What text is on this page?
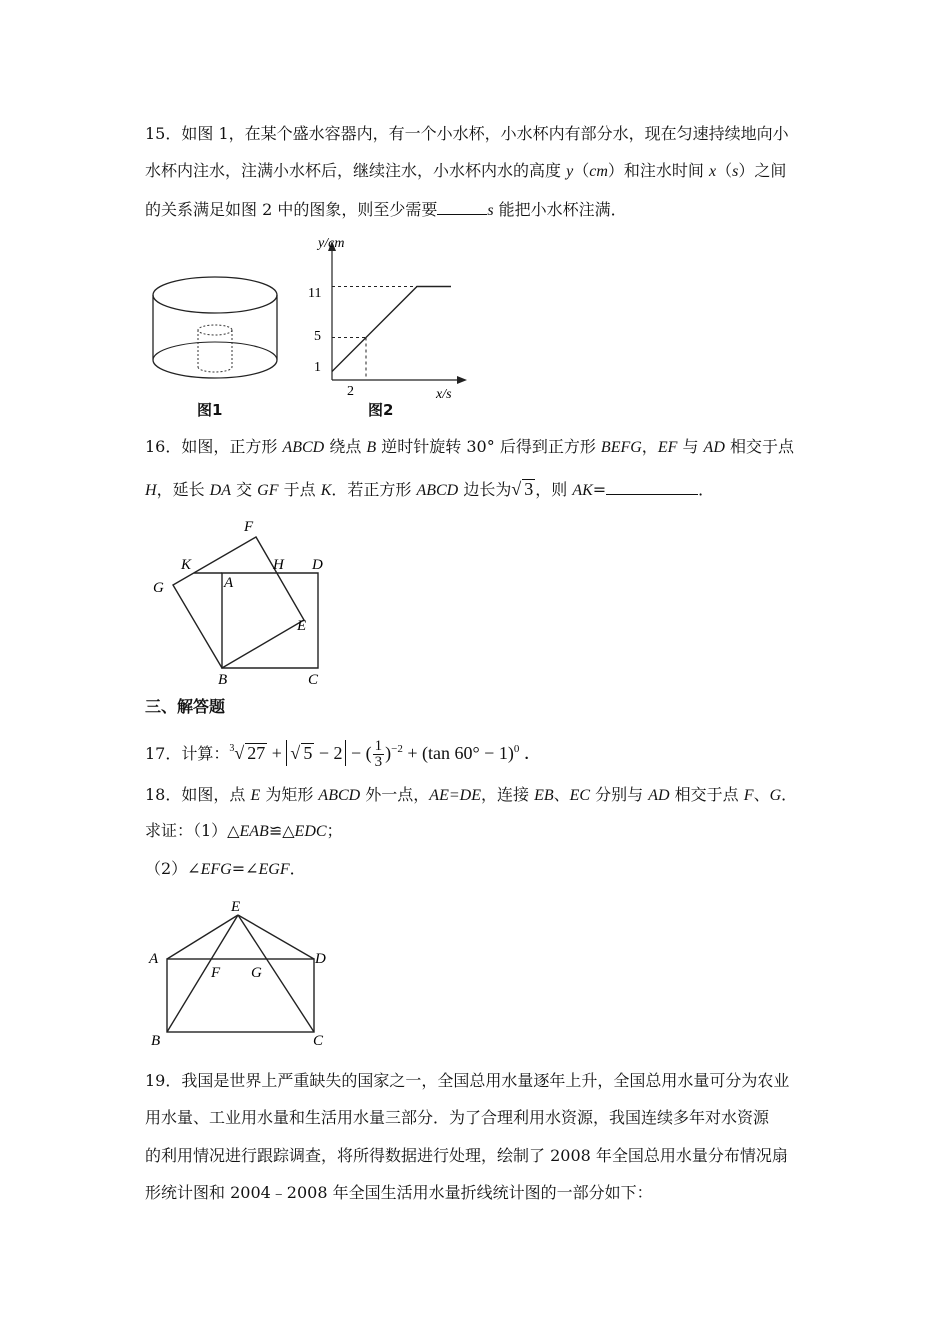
15．如图 1，在某个盛水容器内，有一个小水杯，小水杯内有部分水，现在匀速持续地向小
水杯内注水，注满小水杯后，继续注水，小水杯内水的高度 y（cm）和注水时间 x（s）之间
的关系满足如图 2 中的图象，则至少需要	s 能把小水杯注满．
图1
y/cm
x/s
11
5
1
2
图2
16．如图，正方形 ABCD 绕点 B 逆时针旋转 30° 后得到正方形 BEFG，EF 与 AD 相交于点
H，延长 DA 交 GF 于点 K．若正方形 ABCD 边长为√ 3 ，则 AK=	．
F
K	H D
G	A
E
B	C
三、解答题
17．计算：$^3$√ 27 + √ 5 − 2 − ( $\frac{1}{3} )^{-2} + (\tan$ 60° − 1)$^0$ ．
18．如图，点 E 为矩形 ABCD 外一点，AE=DE，连接 EB、EC 分别与 AD 相交于点 F、G．
求证：（1）△EAB≌△EDC；
（2）∠EFG=∠EGF．
E
A
F G
D
B	C
19．我国是世界上严重缺失的国家之一，全国总用水量逐年上升，全国总用水量可分为农业
用水量、工业用水量和生活用水量三部分．为了合理利用水资源，我国连续多年对水资源
的利用情况进行跟踪调查，将所得数据进行处理，绘制了 2008 年全国总用水量分布情况扇
形统计图和 2004﹣2008 年全国生活用水量折线统计图的一部分如下：
